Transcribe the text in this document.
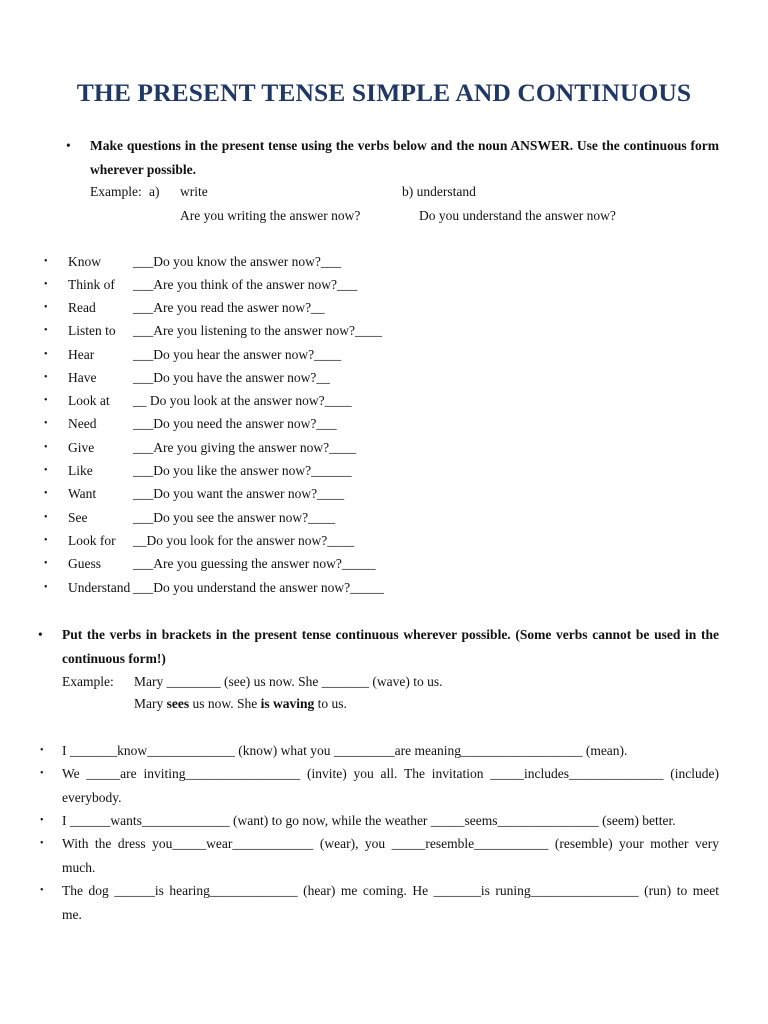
THE PRESENT TENSE SIMPLE AND CONTINUOUS
• Make questions in the present tense using the verbs below and the noun ANSWER. Use the continuous form wherever possible.
Example: a) write	b) understand
Are you writing the answer now?	Do you understand the answer now?
• Know ___Do you know the answer now?___
• Think of ___Are you think of the answer now?___
• Read	___Are you read the aswer now?__
• Listen to ___Are you listening to the answer now?____
• Hear	___Do you hear the answer now?____
• Have	___Do you have the answer now?__
• Look at __ Do you look at the answer now?____
• Need	___Do you need the answer now?___
• Give	___Are you giving the answer now?____
• Like	___Do you like the answer now?______
• Want	___Do you want the answer now?____
• See	___Do you see the answer now?____
• Look for __Do you look for the answer now?____
• Guess ___Are you guessing the answer now?_____
• Understand ___Do you understand the answer now?_____
• Put the verbs in brackets in the present tense continuous wherever possible. (Some verbs cannot be used in the continuous form!)
Example: Mary ________ (see) us now. She _______ (wave) to us.
Mary sees us now. She is waving to us.
• I _______know_____________ (know) what you _________are meaning__________________ (mean).
• We _____are inviting_________________ (invite) you all. The invitation _____includes______________ (include)
everybody.
• I ______wants_____________ (want) to go now, while the weather _____seems_______________ (seem) better.
• With the dress you_____wear____________ (wear), you _____resemble___________ (resemble) your mother very
much.
• The dog ______is hearing_____________ (hear) me coming. He _______is runing________________ (run) to meet
me.
